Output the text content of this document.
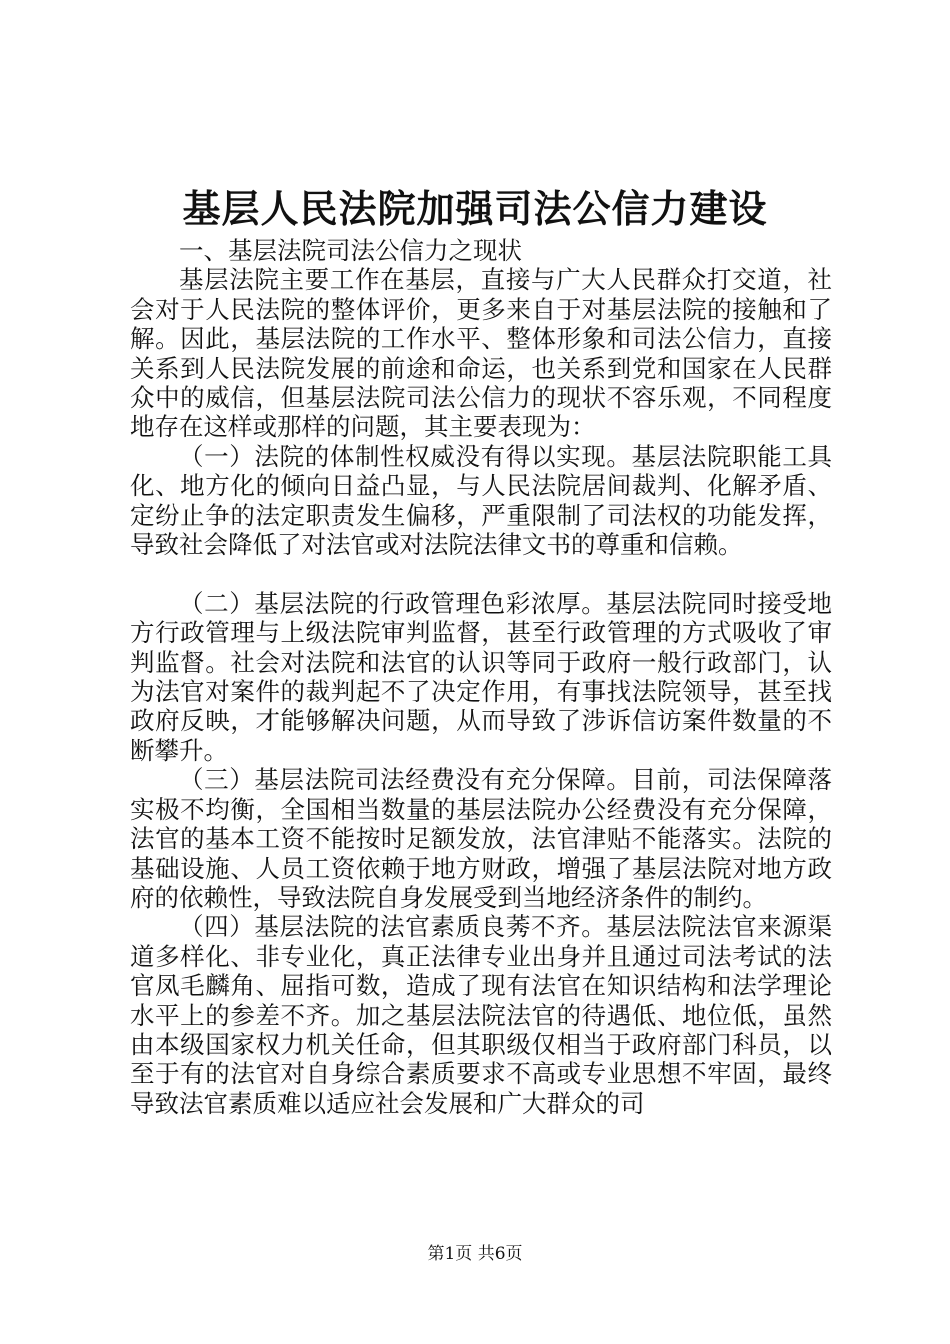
基层人民法院加强司法公信力建设

一、基层法院司法公信力之现状

基层法院主要工作在基层，直接与广大人民群众打交道，社会对于人民法院的整体评价，更多来自于对基层法院的接触和了解。因此，基层法院的工作水平、整体形象和司法公信力，直接关系到人民法院发展的前途和命运，也关系到党和国家在人民群众中的威信，但基层法院司法公信力的现状不容乐观，不同程度地存在这样或那样的问题，其主要表现为：

（一）法院的体制性权威没有得以实现。基层法院职能工具化、地方化的倾向日益凸显，与人民法院居间裁判、化解矛盾、定纷止争的法定职责发生偏移，严重限制了司法权的功能发挥，导致社会降低了对法官或对法院法律文书的尊重和信赖。

（二）基层法院的行政管理色彩浓厚。基层法院同时接受地方行政管理与上级法院审判监督，甚至行政管理的方式吸收了审判监督。社会对法院和法官的认识等同于政府一般行政部门，认为法官对案件的裁判起不了决定作用，有事找法院领导，甚至找政府反映，才能够解决问题，从而导致了涉诉信访案件数量的不断攀升。

（三）基层法院司法经费没有充分保障。目前，司法保障落实极不均衡，全国相当数量的基层法院办公经费没有充分保障，法官的基本工资不能按时足额发放，法官津贴不能落实。法院的基础设施、人员工资依赖于地方财政，增强了基层法院对地方政府的依赖性，导致法院自身发展受到当地经济条件的制约。

（四）基层法院的法官素质良莠不齐。基层法院法官来源渠道多样化、非专业化，真正法律专业出身并且通过司法考试的法官凤毛麟角、屈指可数，造成了现有法官在知识结构和法学理论水平上的参差不齐。加之基层法院法官的待遇低、地位低，虽然由本级国家权力机关任命，但其职级仅相当于政府部门科员，以至于有的法官对自身综合素质要求不高或专业思想不牢固，最终导致法官素质难以适应社会发展和广大群众的司

第1页 共6页
